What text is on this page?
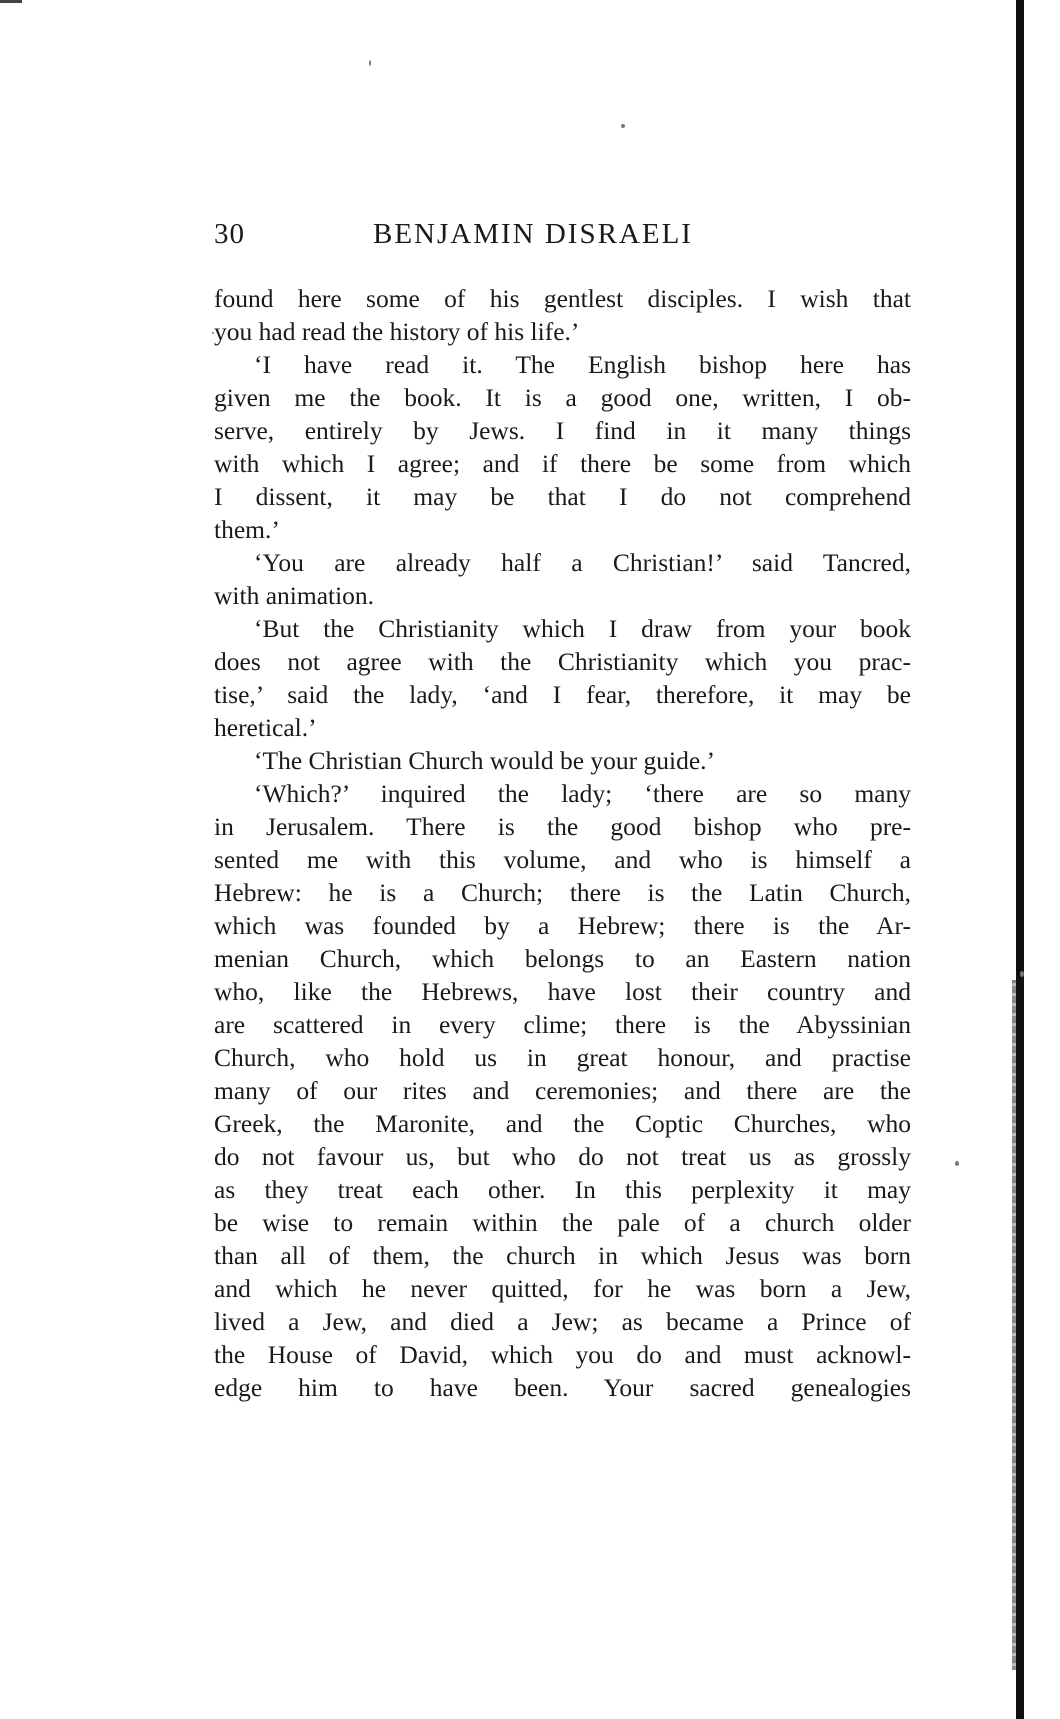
30	BENJAMIN DISRAELI
found here some of his gentlest disciples. I wish that
you had read the history of his life.’
‘I have read it. The English bishop here has
given me the book. It is a good one, written, I ob-
serve, entirely by Jews. I find in it many things
with which I agree; and if there be some from which
I dissent, it may be that I do not comprehend
them.’
‘You are already half a Christian!’ said Tancred,
with animation.
‘But the Christianity which I draw from your book
does not agree with the Christianity which you prac-
tise,’ said the lady, ‘and I fear, therefore, it may be
heretical.’
‘The Christian Church would be your guide.’
‘Which?’ inquired the lady; ‘there are so many
in Jerusalem. There is the good bishop who pre-
sented me with this volume, and who is himself a
Hebrew: he is a Church; there is the Latin Church,
which was founded by a Hebrew; there is the Ar-
menian Church, which belongs to an Eastern nation
who, like the Hebrews, have lost their country and
are scattered in every clime; there is the Abyssinian
Church, who hold us in great honour, and practise
many of our rites and ceremonies; and there are the
Greek, the Maronite, and the Coptic Churches, who
do not favour us, but who do not treat us as grossly
as they treat each other. In this perplexity it may
be wise to remain within the pale of a church older
than all of them, the church in which Jesus was born
and which he never quitted, for he was born a Jew,
lived a Jew, and died a Jew; as became a Prince of
the House of David, which you do and must acknowl-
edge him to have been. Your sacred genealogies
